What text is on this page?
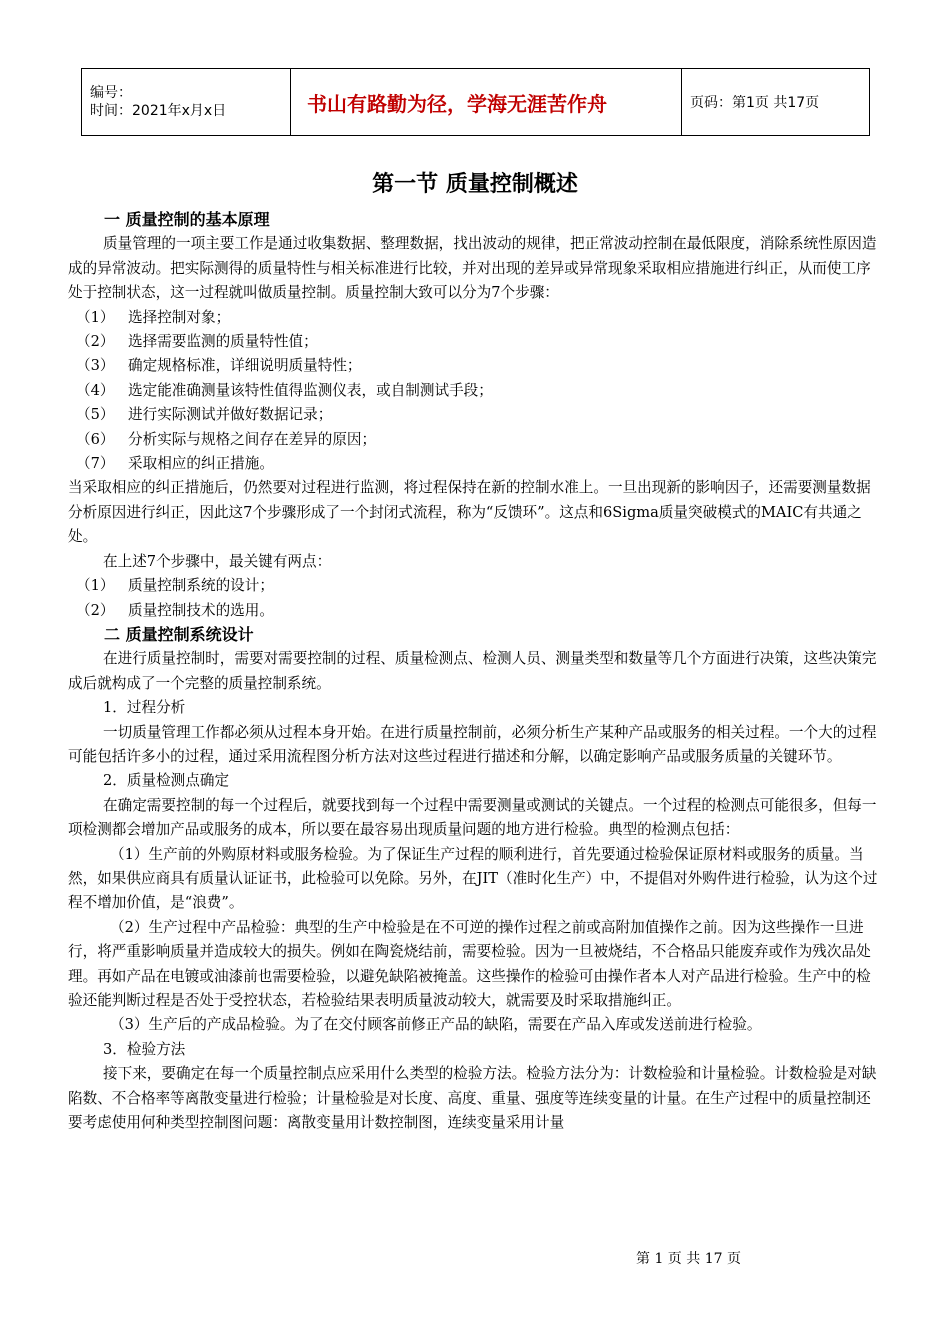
编号：
时间：2021年x月x日	书山有路勤为径，学海无涯苦作舟	页码：第1页 共17页
第一节 质量控制概述

一 质量控制的基本原理

质量管理的一项主要工作是通过收集数据、整理数据，找出波动的规律，把正常波动控制在最低限度，消除系统性原因造成的异常波动。把实际测得的质量特性与相关标准进行比较，并对出现的差异或异常现象采取相应措施进行纠正，从而使工序处于控制状态，这一过程就叫做质量控制。质量控制大致可以分为7个步骤：

（1） 选择控制对象；

（2） 选择需要监测的质量特性值；

（3） 确定规格标准，详细说明质量特性；

（4） 选定能准确测量该特性值得监测仪表，或自制测试手段；

（5） 进行实际测试并做好数据记录；

（6） 分析实际与规格之间存在差异的原因；

（7） 采取相应的纠正措施。

当采取相应的纠正措施后，仍然要对过程进行监测，将过程保持在新的控制水准上。一旦出现新的影响因子，还需要测量数据分析原因进行纠正，因此这7个步骤形成了一个封闭式流程，称为“反馈环”。这点和6Sigma质量突破模式的MAIC有共通之处。

在上述7个步骤中，最关键有两点：

（1） 质量控制系统的设计；

（2） 质量控制技术的选用。

二 质量控制系统设计

在进行质量控制时，需要对需要控制的过程、质量检测点、检测人员、测量类型和数量等几个方面进行决策，这些决策完成后就构成了一个完整的质量控制系统。

1．过程分析

一切质量管理工作都必须从过程本身开始。在进行质量控制前，必须分析生产某种产品或服务的相关过程。一个大的过程可能包括许多小的过程，通过采用流程图分析方法对这些过程进行描述和分解，以确定影响产品或服务质量的关键环节。

2．质量检测点确定

在确定需要控制的每一个过程后，就要找到每一个过程中需要测量或测试的关键点。一个过程的检测点可能很多，但每一项检测都会增加产品或服务的成本，所以要在最容易出现质量问题的地方进行检验。典型的检测点包括：

（1）生产前的外购原材料或服务检验。为了保证生产过程的顺利进行，首先要通过检验保证原材料或服务的质量。当然，如果供应商具有质量认证证书，此检验可以免除。另外，在JIT（准时化生产）中，不提倡对外购件进行检验，认为这个过程不增加价值，是“浪费”。

（2）生产过程中产品检验：典型的生产中检验是在不可逆的操作过程之前或高附加值操作之前。因为这些操作一旦进行，将严重影响质量并造成较大的损失。例如在陶瓷烧结前，需要检验。因为一旦被烧结，不合格品只能废弃或作为残次品处理。再如产品在电镀或油漆前也需要检验，以避免缺陷被掩盖。这些操作的检验可由操作者本人对产品进行检验。生产中的检验还能判断过程是否处于受控状态，若检验结果表明质量波动较大，就需要及时采取措施纠正。

（3）生产后的产成品检验。为了在交付顾客前修正产品的缺陷，需要在产品入库或发送前进行检验。

3．检验方法

接下来，要确定在每一个质量控制点应采用什么类型的检验方法。检验方法分为：计数检验和计量检验。计数检验是对缺陷数、不合格率等离散变量进行检验；计量检验是对长度、高度、重量、强度等连续变量的计量。在生产过程中的质量控制还要考虑使用何种类型控制图问题：离散变量用计数控制图，连续变量采用计量

第 1 页 共 17 页
